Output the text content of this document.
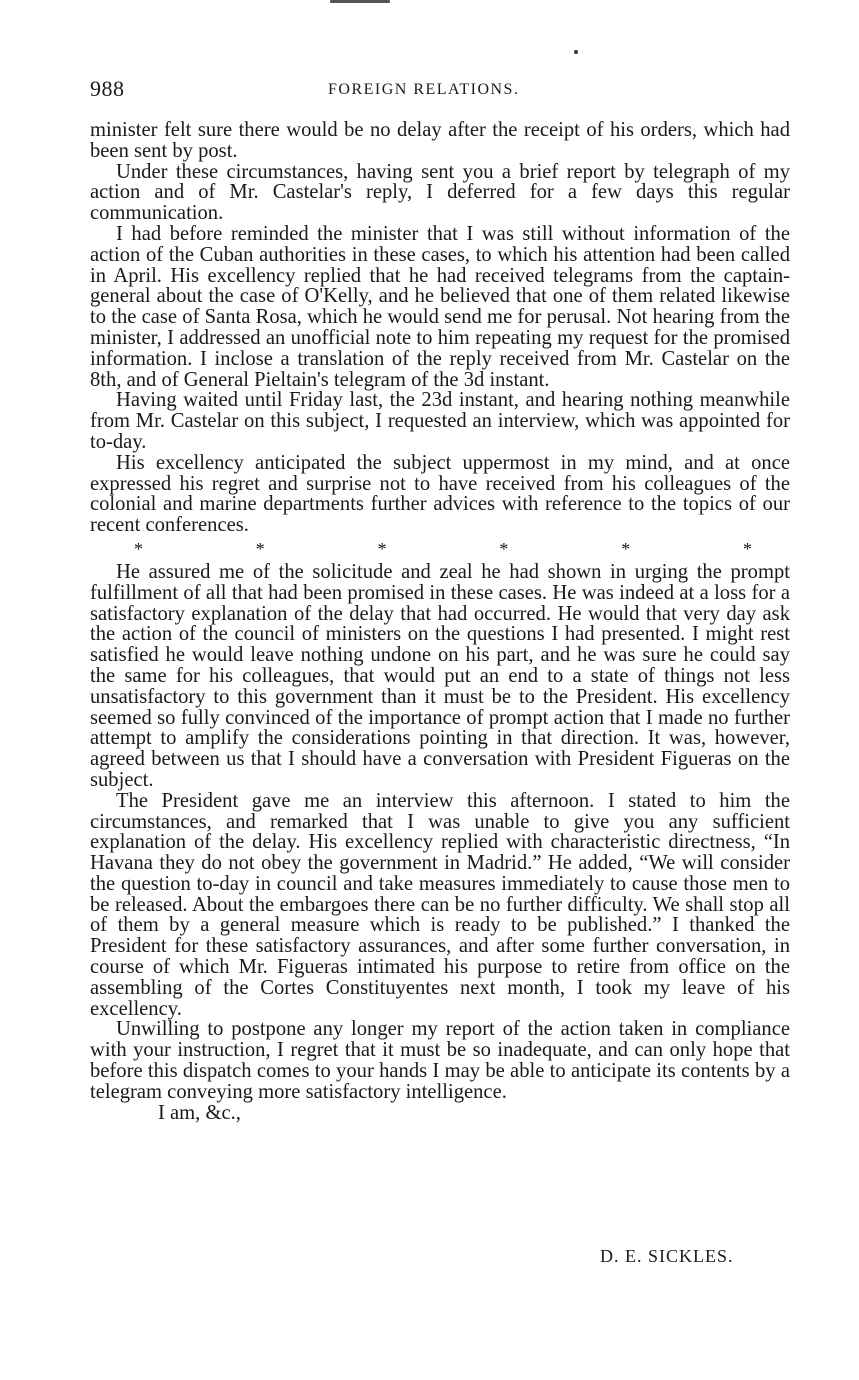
988	FOREIGN RELATIONS.

minister felt sure there would be no delay after the receipt of his orders, which had been sent by post.

Under these circumstances, having sent you a brief report by telegraph of my action and of Mr. Castelar's reply, I deferred for a few days this regular communication.

I had before reminded the minister that I was still without information of the action of the Cuban authorities in these cases, to which his attention had been called in April. His excellency replied that he had received telegrams from the captain-general about the case of O'Kelly, and he believed that one of them related likewise to the case of Santa Rosa, which he would send me for perusal. Not hearing from the minister, I addressed an unofficial note to him repeating my request for the promised information. I inclose a translation of the reply received from Mr. Castelar on the 8th, and of General Pieltain's telegram of the 3d instant.

Having waited until Friday last, the 23d instant, and hearing nothing meanwhile from Mr. Castelar on this subject, I requested an interview, which was appointed for to-day.

His excellency anticipated the subject uppermost in my mind, and at once expressed his regret and surprise not to have received from his colleagues of the colonial and marine departments further advices with reference to the topics of our recent conferences.

*	*	*	*	*	*

He assured me of the solicitude and zeal he had shown in urging the prompt fulfillment of all that had been promised in these cases. He was indeed at a loss for a satisfactory explanation of the delay that had occurred. He would that very day ask the action of the council of ministers on the questions I had presented. I might rest satisfied he would leave nothing undone on his part, and he was sure he could say the same for his colleagues, that would put an end to a state of things not less unsatisfactory to this government than it must be to the President. His excellency seemed so fully convinced of the importance of prompt action that I made no further attempt to amplify the considerations pointing in that direction. It was, however, agreed between us that I should have a conversation with President Figueras on the subject.

The President gave me an interview this afternoon. I stated to him the circumstances, and remarked that I was unable to give you any sufficient explanation of the delay. His excellency replied with characteristic directness, “In Havana they do not obey the government in Madrid.” He added, “We will consider the question to-day in council and take measures immediately to cause those men to be released. About the embargoes there can be no further difficulty. We shall stop all of them by a general measure which is ready to be published.” I thanked the President for these satisfactory assurances, and after some further conversation, in course of which Mr. Figueras intimated his purpose to retire from office on the assembling of the Cortes Constituyentes next month, I took my leave of his excellency.

Unwilling to postpone any longer my report of the action taken in compliance with your instruction, I regret that it must be so inadequate, and can only hope that before this dispatch comes to your hands I may be able to anticipate its contents by a telegram conveying more satisfactory intelligence.

I am, &c.,

D. E. SICKLES.
